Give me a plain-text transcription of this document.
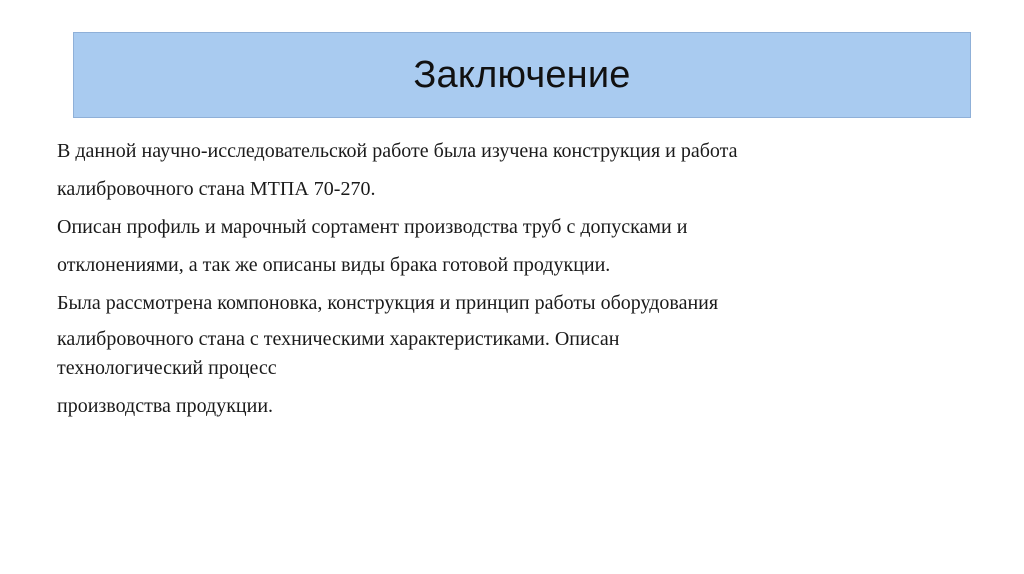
Заключение
В данной научно-исследовательской работе была изучена конструкция и работа
калибровочного стана МТПА 70-270.
Описан профиль и марочный сортамент производства труб с допусками и
отклонениями, а так же описаны виды брака готовой продукции.
Была рассмотрена компоновка, конструкция и принцип работы оборудования
калибровочного стана с техническими характеристиками. Описан
технологический процесс
производства продукции.
